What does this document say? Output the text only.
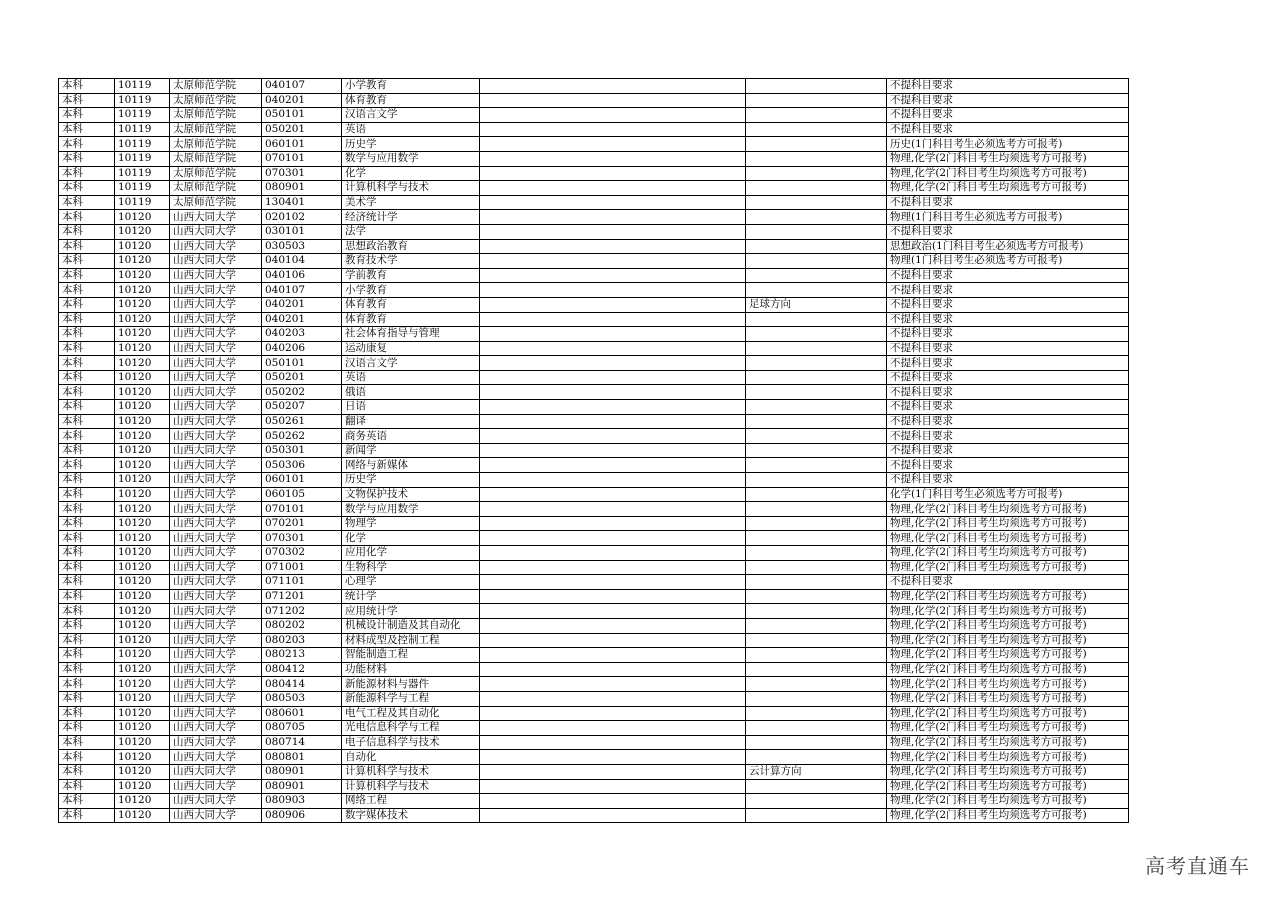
本科	10119	太原师范学院	040107	小学教育			不提科目要求
本科	10119	太原师范学院	040201	体育教育			不提科目要求
本科	10119	太原师范学院	050101	汉语言文学			不提科目要求
本科	10119	太原师范学院	050201	英语			不提科目要求
本科	10119	太原师范学院	060101	历史学			历史(1门科目考生必须选考方可报考)
本科	10119	太原师范学院	070101	数学与应用数学			物理,化学(2门科目考生均须选考方可报考)
本科	10119	太原师范学院	070301	化学			物理,化学(2门科目考生均须选考方可报考)
本科	10119	太原师范学院	080901	计算机科学与技术			物理,化学(2门科目考生均须选考方可报考)
本科	10119	太原师范学院	130401	美术学			不提科目要求
本科	10120	山西大同大学	020102	经济统计学			物理(1门科目考生必须选考方可报考)
本科	10120	山西大同大学	030101	法学			不提科目要求
本科	10120	山西大同大学	030503	思想政治教育			思想政治(1门科目考生必须选考方可报考)
本科	10120	山西大同大学	040104	教育技术学			物理(1门科目考生必须选考方可报考)
本科	10120	山西大同大学	040106	学前教育			不提科目要求
本科	10120	山西大同大学	040107	小学教育			不提科目要求
本科	10120	山西大同大学	040201	体育教育		足球方向	不提科目要求
本科	10120	山西大同大学	040201	体育教育			不提科目要求
本科	10120	山西大同大学	040203	社会体育指导与管理			不提科目要求
本科	10120	山西大同大学	040206	运动康复			不提科目要求
本科	10120	山西大同大学	050101	汉语言文学			不提科目要求
本科	10120	山西大同大学	050201	英语			不提科目要求
本科	10120	山西大同大学	050202	俄语			不提科目要求
本科	10120	山西大同大学	050207	日语			不提科目要求
本科	10120	山西大同大学	050261	翻译			不提科目要求
本科	10120	山西大同大学	050262	商务英语			不提科目要求
本科	10120	山西大同大学	050301	新闻学			不提科目要求
本科	10120	山西大同大学	050306	网络与新媒体			不提科目要求
本科	10120	山西大同大学	060101	历史学			不提科目要求
本科	10120	山西大同大学	060105	文物保护技术			化学(1门科目考生必须选考方可报考)
本科	10120	山西大同大学	070101	数学与应用数学			物理,化学(2门科目考生均须选考方可报考)
本科	10120	山西大同大学	070201	物理学			物理,化学(2门科目考生均须选考方可报考)
本科	10120	山西大同大学	070301	化学			物理,化学(2门科目考生均须选考方可报考)
本科	10120	山西大同大学	070302	应用化学			物理,化学(2门科目考生均须选考方可报考)
本科	10120	山西大同大学	071001	生物科学			物理,化学(2门科目考生均须选考方可报考)
本科	10120	山西大同大学	071101	心理学			不提科目要求
本科	10120	山西大同大学	071201	统计学			物理,化学(2门科目考生均须选考方可报考)
本科	10120	山西大同大学	071202	应用统计学			物理,化学(2门科目考生均须选考方可报考)
本科	10120	山西大同大学	080202	机械设计制造及其自动化			物理,化学(2门科目考生均须选考方可报考)
本科	10120	山西大同大学	080203	材料成型及控制工程			物理,化学(2门科目考生均须选考方可报考)
本科	10120	山西大同大学	080213	智能制造工程			物理,化学(2门科目考生均须选考方可报考)
本科	10120	山西大同大学	080412	功能材料			物理,化学(2门科目考生均须选考方可报考)
本科	10120	山西大同大学	080414	新能源材料与器件			物理,化学(2门科目考生均须选考方可报考)
本科	10120	山西大同大学	080503	新能源科学与工程			物理,化学(2门科目考生均须选考方可报考)
本科	10120	山西大同大学	080601	电气工程及其自动化			物理,化学(2门科目考生均须选考方可报考)
本科	10120	山西大同大学	080705	光电信息科学与工程			物理,化学(2门科目考生均须选考方可报考)
本科	10120	山西大同大学	080714	电子信息科学与技术			物理,化学(2门科目考生均须选考方可报考)
本科	10120	山西大同大学	080801	自动化			物理,化学(2门科目考生均须选考方可报考)
本科	10120	山西大同大学	080901	计算机科学与技术		云计算方向	物理,化学(2门科目考生均须选考方可报考)
本科	10120	山西大同大学	080901	计算机科学与技术			物理,化学(2门科目考生均须选考方可报考)
本科	10120	山西大同大学	080903	网络工程			物理,化学(2门科目考生均须选考方可报考)
本科	10120	山西大同大学	080906	数字媒体技术			物理,化学(2门科目考生均须选考方可报考)
高考直通车
